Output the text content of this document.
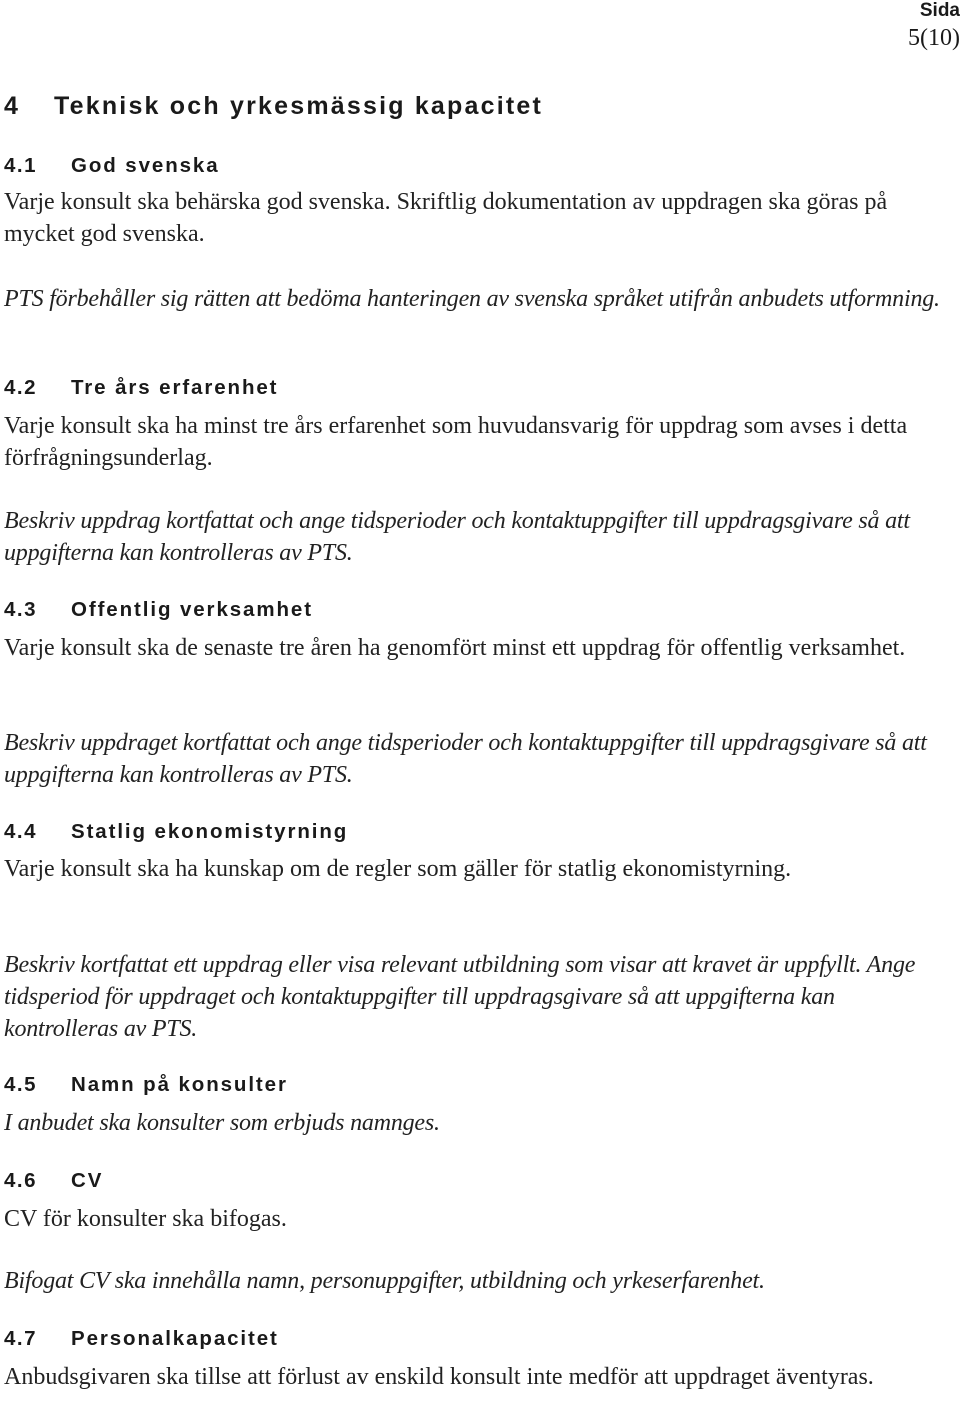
Sida
5(10)
4 Teknisk och yrkesmässig kapacitet
4.1 God svenska

Varje konsult ska behärska god svenska. Skriftlig dokumentation av uppdragen ska göras på mycket god svenska.

PTS förbehåller sig rätten att bedöma hanteringen av svenska språket utifrån anbudets utformning.

4.2 Tre års erfarenhet

Varje konsult ska ha minst tre års erfarenhet som huvudansvarig för uppdrag som avses i detta förfrågningsunderlag.

Beskriv uppdrag kortfattat och ange tidsperioder och kontaktuppgifter till uppdragsgivare så att uppgifterna kan kontrolleras av PTS.

4.3 Offentlig verksamhet

Varje konsult ska de senaste tre åren ha genomfört minst ett uppdrag för offentlig verksamhet.

Beskriv uppdraget kortfattat och ange tidsperioder och kontaktuppgifter till uppdragsgivare så att uppgifterna kan kontrolleras av PTS.

4.4 Statlig ekonomistyrning

Varje konsult ska ha kunskap om de regler som gäller för statlig ekonomistyrning.

Beskriv kortfattat ett uppdrag eller visa relevant utbildning som visar att kravet är uppfyllt. Ange tidsperiod för uppdraget och kontaktuppgifter till uppdragsgivare så att uppgifterna kan kontrolleras av PTS.

4.5 Namn på konsulter

I anbudet ska konsulter som erbjuds namnges.

4.6 CV

CV för konsulter ska bifogas.

Bifogat CV ska innehålla namn, personuppgifter, utbildning och yrkeserfarenhet.

4.7 Personalkapacitet

Anbudsgivaren ska tillse att förlust av enskild konsult inte medför att uppdraget äventyras.
